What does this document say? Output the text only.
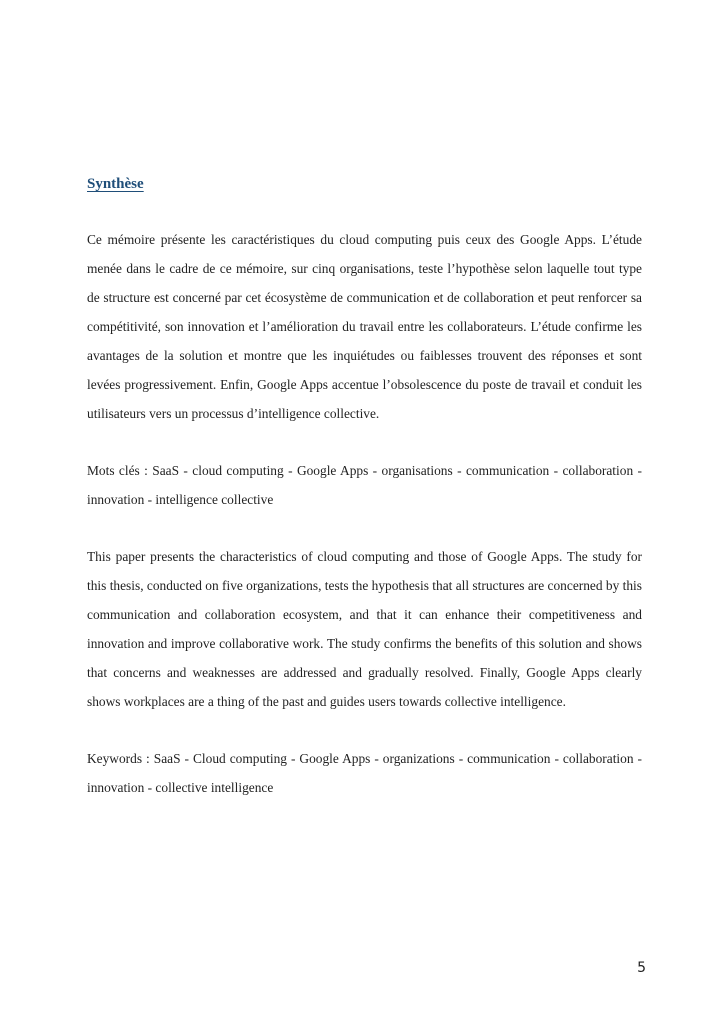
Synthèse

Ce mémoire présente les caractéristiques du cloud computing puis ceux des Google Apps. L’étude menée dans le cadre de ce mémoire, sur cinq organisations, teste l’hypothèse selon laquelle tout type de structure est concerné par cet écosystème de communication et de collaboration et peut renforcer sa compétitivité, son innovation et l’amélioration du travail entre les collaborateurs. L’étude confirme les avantages de la solution et montre que les inquiétudes ou faiblesses trouvent des réponses et sont levées progressivement. Enfin, Google Apps accentue l’obsolescence du poste de travail et conduit les utilisateurs vers un processus d’intelligence collective.

Mots clés : SaaS - cloud computing - Google Apps - organisations - communication - collaboration - innovation - intelligence collective

This paper presents the characteristics of cloud computing and those of Google Apps. The study for this thesis, conducted on five organizations, tests the hypothesis that all structures are concerned by this communication and collaboration ecosystem, and that it can enhance their competitiveness and innovation and improve collaborative work. The study confirms the benefits of this solution and shows that concerns and weaknesses are addressed and gradually resolved. Finally, Google Apps clearly shows workplaces are a thing of the past and guides users towards collective intelligence.

Keywords : SaaS - Cloud computing - Google Apps - organizations - communication - collaboration - innovation - collective intelligence

5
